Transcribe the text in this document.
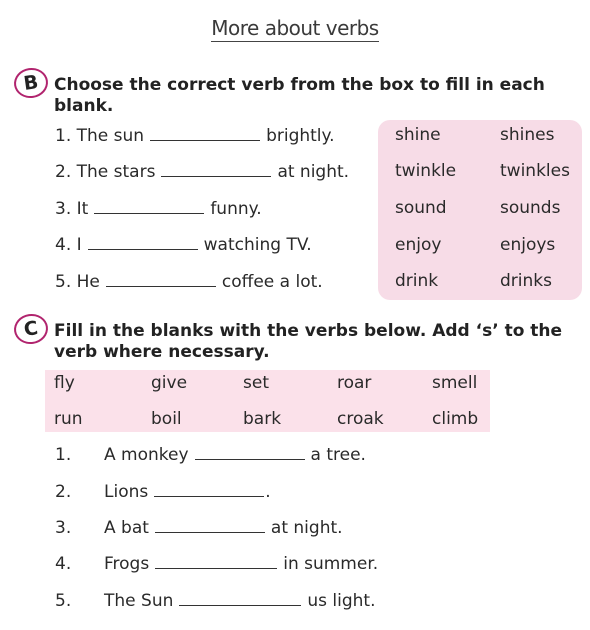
More about verbs
B Choose the correct verb from the box to fill in each blank.
1. The sun	brightly.
2. The stars	at night.
3. It	funny.
4. I	watching TV.
5. He	coffee a lot.
shine	shines
twinkle	twinkles
sound	sounds
enjoy	enjoys
drink	drinks
C Fill in the blanks with the verbs below. Add ‘s’ to the verb where necessary.
fly	give	set	roar	smell
run	boil	bark	croak	climb
1. A monkey	a tree.
2. Lions	.
3. A bat	at night.
4. Frogs	in summer.
5. The Sun	us light.
